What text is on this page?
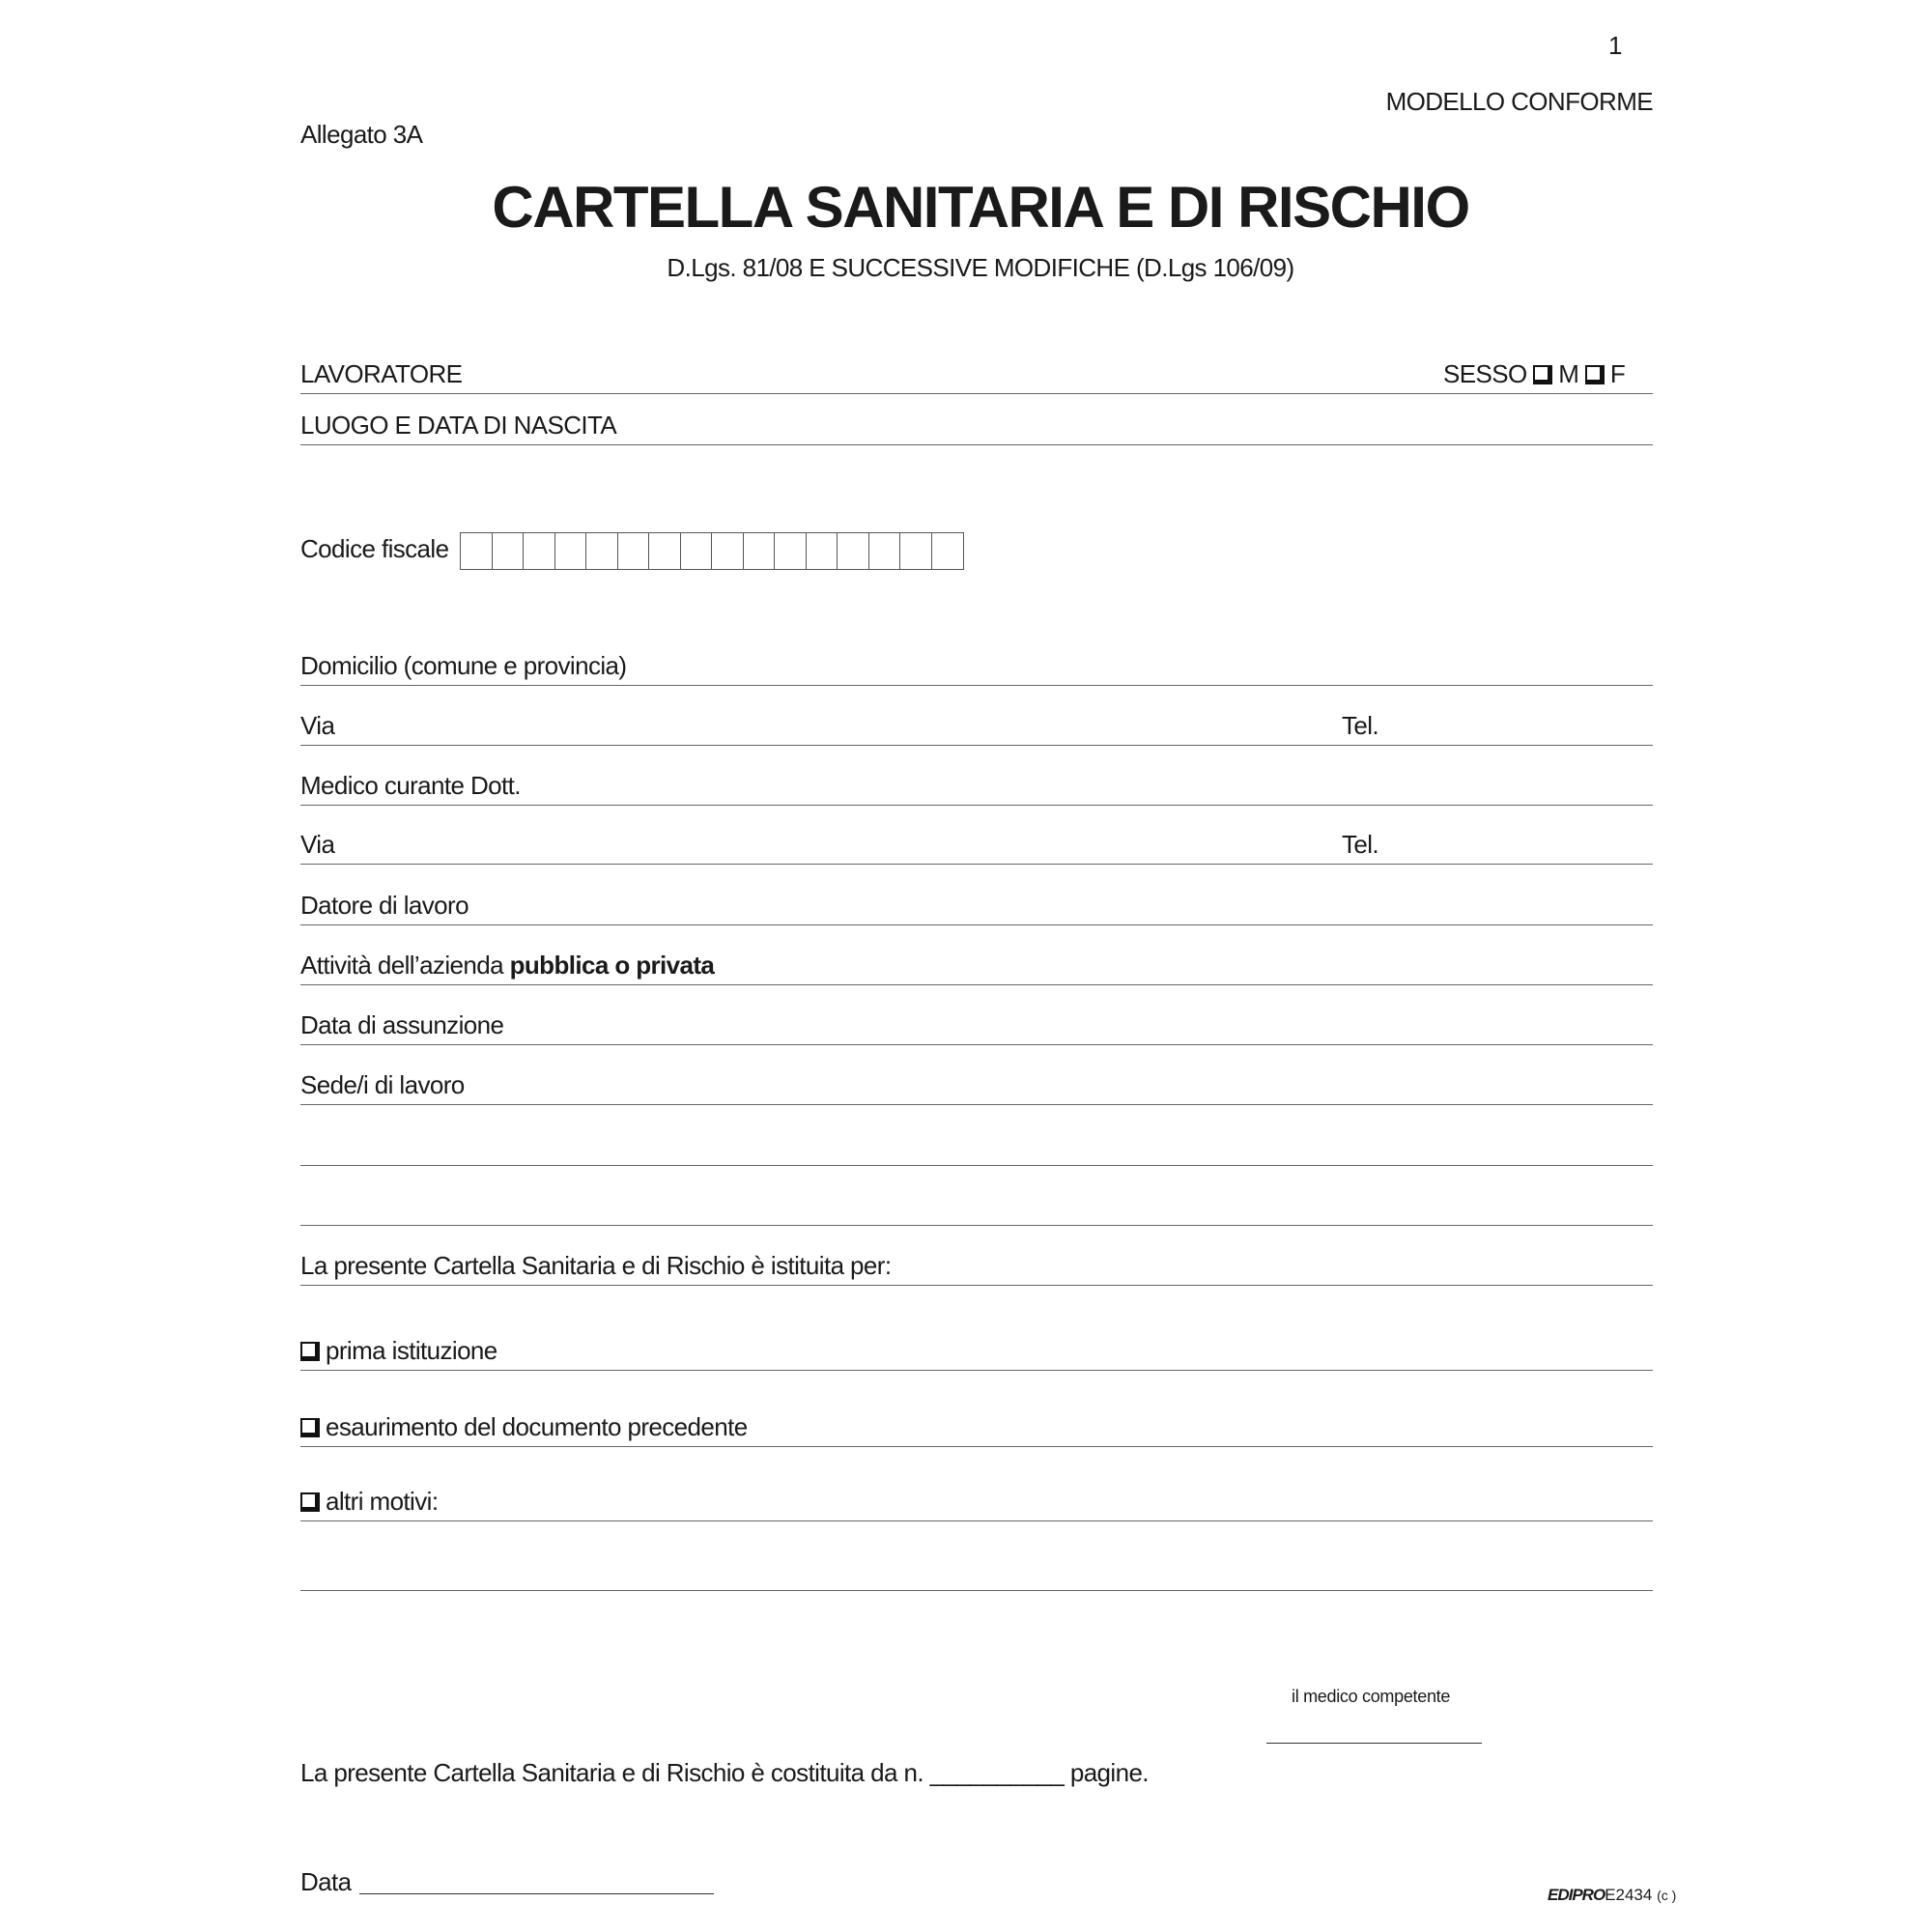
1
MODELLO CONFORME
Allegato 3A
CARTELLA SANITARIA E DI RISCHIO
D.Lgs. 81/08 E SUCCESSIVE MODIFICHE (D.Lgs 106/09)
LAVORATORE	SESSO M F
LUOGO E DATA DI NASCITA
Codice fiscale
Domicilio (comune e provincia)
Via	Tel.
Medico curante Dott.
Via	Tel.
Datore di lavoro
Attività dell’azienda pubblica o privata
Data di assunzione
Sede/i di lavoro
La presente Cartella Sanitaria e di Rischio è istituita per:
prima istituzione
esaurimento del documento precedente
altri motivi:
il medico competente
La presente Cartella Sanitaria e di Rischio è costituita da n. __________ pagine.
Data	EDIPROE2434 (c )
